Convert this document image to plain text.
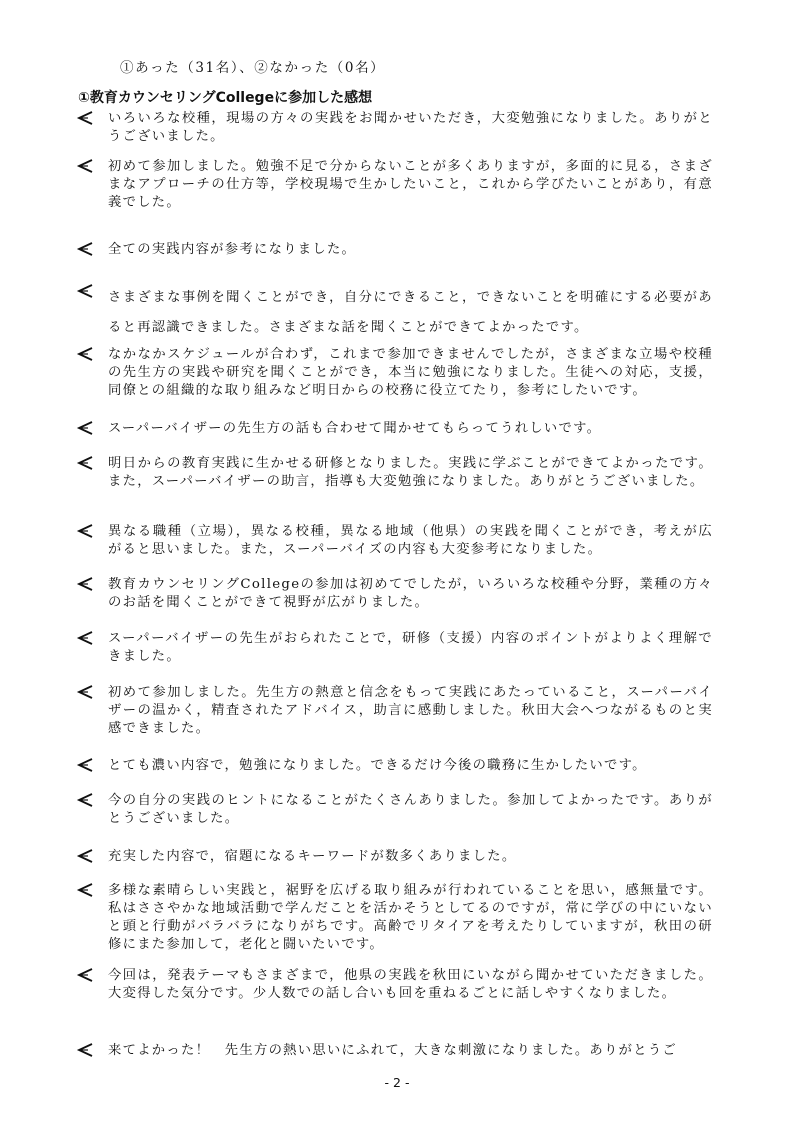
①あった（31名）、②なかった（0名）
①教育カウンセリングCollegeに参加した感想
いろいろな校種，現場の方々の実践をお聞かせいただき，大変勉強になりました。ありがとうございました。
初めて参加しました。勉強不足で分からないことが多くありますが，多面的に見る，さまざまなアプローチの仕方等，学校現場で生かしたいこと，これから学びたいことがあり，有意義でした。
全ての実践内容が参考になりました。
さまざまな事例を聞くことができ，自分にできること，できないことを明確にする必要があると再認識できました。さまざまな話を聞くことができてよかったです。
なかなかスケジュールが合わず，これまで参加できませんでしたが，さまざまな立場や校種の先生方の実践や研究を聞くことができ，本当に勉強になりました。生徒への対応，支援，同僚との組織的な取り組みなど明日からの校務に役立てたり，参考にしたいです。
スーパーバイザーの先生方の話も合わせて聞かせてもらってうれしいです。
明日からの教育実践に生かせる研修となりました。実践に学ぶことができてよかったです。また，スーパーバイザーの助言，指導も大変勉強になりました。ありがとうございました。
異なる職種（立場），異なる校種，異なる地域（他県）の実践を聞くことができ，考えが広がると思いました。また，スーパーバイズの内容も大変参考になりました。
教育カウンセリングCollegeの参加は初めてでしたが，いろいろな校種や分野，業種の方々のお話を聞くことができて視野が広がりました。
スーパーバイザーの先生がおられたことで，研修（支援）内容のポイントがよりよく理解できました。
初めて参加しました。先生方の熱意と信念をもって実践にあたっていること，スーパーバイザーの温かく，精査されたアドバイス，助言に感動しました。秋田大会へつながるものと実感できました。
とても濃い内容で，勉強になりました。できるだけ今後の職務に生かしたいです。
今の自分の実践のヒントになることがたくさんありました。参加してよかったです。ありがとうございました。
充実した内容で，宿題になるキーワードが数多くありました。
多様な素晴らしい実践と，裾野を広げる取り組みが行われていることを思い，感無量です。私はささやかな地域活動で学んだことを活かそうとしてるのですが，常に学びの中にいないと頭と行動がバラバラになりがちです。高齢でリタイアを考えたりしていますが，秋田の研修にまた参加して，老化と闘いたいです。
今回は，発表テーマもさまざまで，他県の実践を秋田にいながら聞かせていただきました。大変得した気分です。少人数での話し合いも回を重ねるごとに話しやすくなりました。
来てよかった！　先生方の熱い思いにふれて，大きな刺激になりました。ありがとうご
- 2 -
